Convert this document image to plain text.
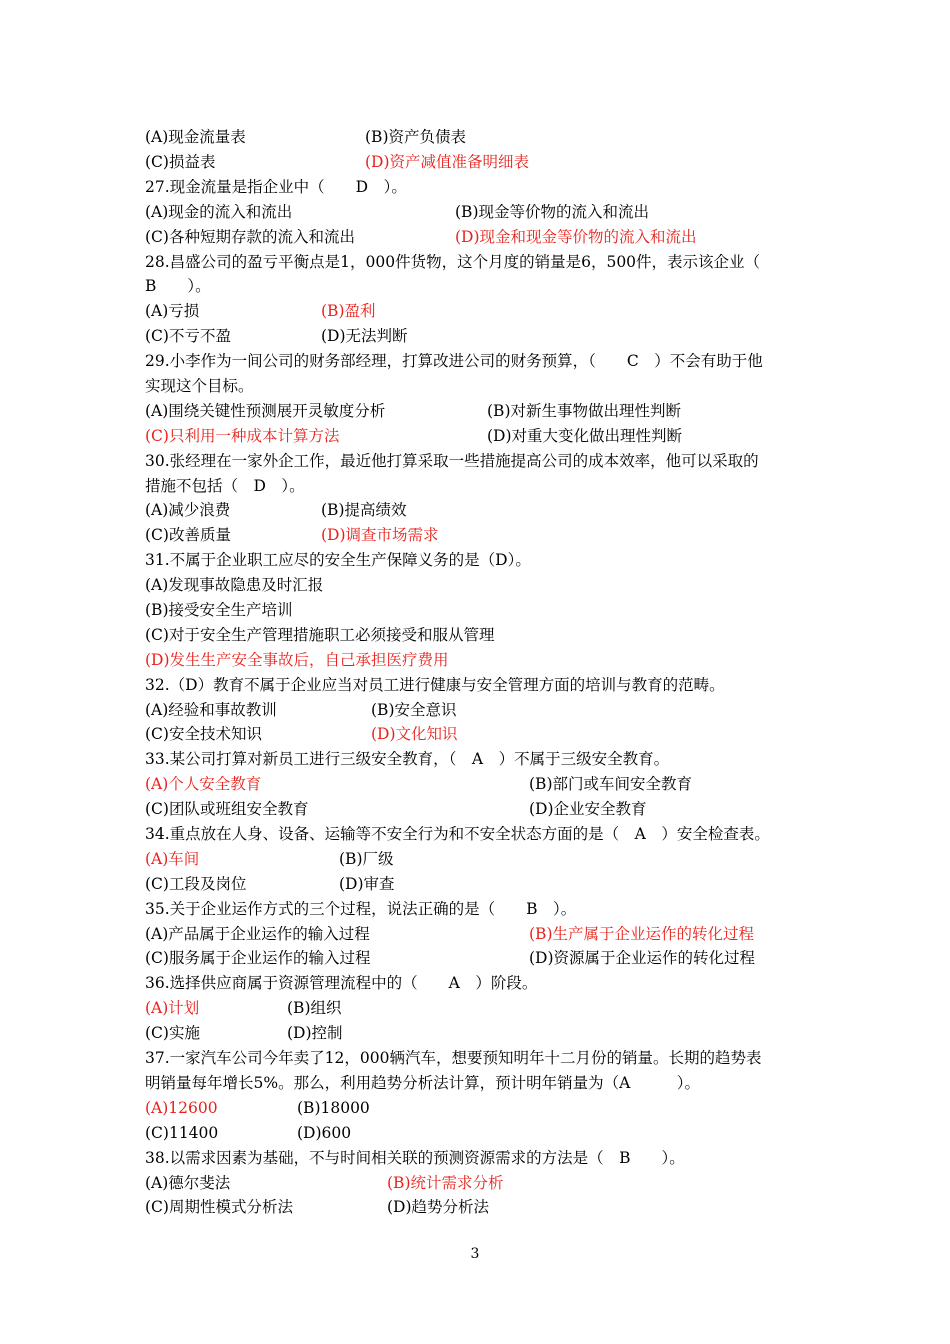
(A)现金流量表	(B)资产负债表
(C)损益表	(D)资产减值准备明细表
27.现金流量是指企业中（　　D　）。
(A)现金的流入和流出	(B)现金等价物的流入和流出
(C)各种短期存款的流入和流出	(D)现金和现金等价物的流入和流出
28.昌盛公司的盈亏平衡点是1，000件货物，这个月度的销量是6，500件，表示该企业（
B　　）。
(A)亏损	(B)盈利
(C)不亏不盈	(D)无法判断
29.小李作为一间公司的财务部经理，打算改进公司的财务预算，（　　C　）不会有助于他
实现这个目标。
(A)围绕关键性预测展开灵敏度分析	(B)对新生事物做出理性判断
(C)只利用一种成本计算方法	(D)对重大变化做出理性判断
30.张经理在一家外企工作，最近他打算采取一些措施提高公司的成本效率，他可以采取的
措施不包括（　D　）。
(A)减少浪费	(B)提高绩效
(C)改善质量	(D)调查市场需求
31.不属于企业职工应尽的安全生产保障义务的是（D）。
(A)发现事故隐患及时汇报
(B)接受安全生产培训
(C)对于安全生产管理措施职工必须接受和服从管理
(D)发生生产安全事故后，自己承担医疗费用
32.（D）教育不属于企业应当对员工进行健康与安全管理方面的培训与教育的范畴。
(A)经验和事故教训	(B)安全意识
(C)安全技术知识	(D)文化知识
33.某公司打算对新员工进行三级安全教育，（　A　）不属于三级安全教育。
(A)个人安全教育	(B)部门或车间安全教育
(C)团队或班组安全教育	(D)企业安全教育
34.重点放在人身、设备、运输等不安全行为和不安全状态方面的是（　A　）安全检查表。
(A)车间	(B)厂级
(C)工段及岗位	(D)审查
35.关于企业运作方式的三个过程，说法正确的是（　　B　）。
(A)产品属于企业运作的输入过程	(B)生产属于企业运作的转化过程
(C)服务属于企业运作的输入过程	(D)资源属于企业运作的转化过程
36.选择供应商属于资源管理流程中的（　　A　）阶段。
(A)计划	(B)组织
(C)实施	(D)控制
37.一家汽车公司今年卖了12，000辆汽车，想要预知明年十二月份的销量。长期的趋势表
明销量每年增长5%。那么，利用趋势分析法计算，预计明年销量为（A　　　）。
(A)12600	(B)18000
(C)11400	(D)600
38.以需求因素为基础，不与时间相关联的预测资源需求的方法是（　B　　）。
(A)德尔斐法	(B)统计需求分析
(C)周期性模式分析法	(D)趋势分析法
3
